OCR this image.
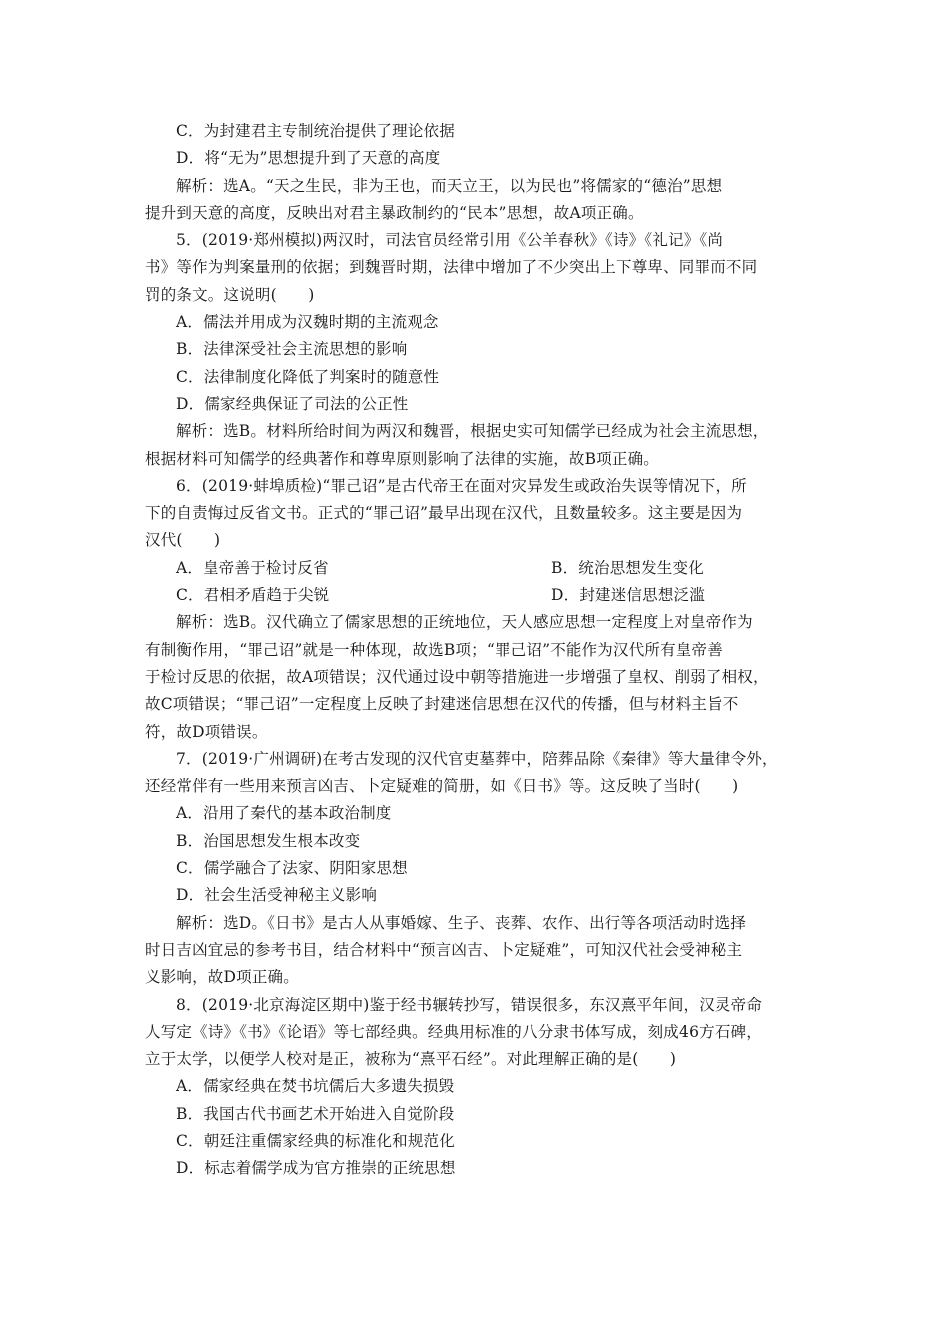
C．为封建君主专制统治提供了理论依据
D．将“无为”思想提升到了天意的高度
解析：选A。“天之生民，非为王也，而天立王，以为民也”将儒家的“德治”思想
提升到天意的高度，反映出对君主暴政制约的“民本”思想，故A项正确。
5．(2019·郑州模拟)两汉时，司法官员经常引用《公羊春秋》《诗》《礼记》《尚
书》等作为判案量刑的依据；到魏晋时期，法律中增加了不少突出上下尊卑、同罪而不同
罚的条文。这说明(　　)
A．儒法并用成为汉魏时期的主流观念
B．法律深受社会主流思想的影响
C．法律制度化降低了判案时的随意性
D．儒家经典保证了司法的公正性
解析：选B。材料所给时间为两汉和魏晋，根据史实可知儒学已经成为社会主流思想，
根据材料可知儒学的经典著作和尊卑原则影响了法律的实施，故B项正确。
6．(2019·蚌埠质检)“罪己诏”是古代帝王在面对灾异发生或政治失误等情况下，所
下的自责悔过反省文书。正式的“罪己诏”最早出现在汉代，且数量较多。这主要是因为
汉代(　　)
A．皇帝善于检讨反省	B．统治思想发生变化
C．君相矛盾趋于尖锐	D．封建迷信思想泛滥
解析：选B。汉代确立了儒家思想的正统地位，天人感应思想一定程度上对皇帝作为
有制衡作用，“罪己诏”就是一种体现，故选B项；“罪己诏”不能作为汉代所有皇帝善
于检讨反思的依据，故A项错误；汉代通过设中朝等措施进一步增强了皇权、削弱了相权，
故C项错误；“罪己诏”一定程度上反映了封建迷信思想在汉代的传播，但与材料主旨不
符，故D项错误。
7．(2019·广州调研)在考古发现的汉代官吏墓葬中，陪葬品除《秦律》等大量律令外，
还经常伴有一些用来预言凶吉、卜定疑难的简册，如《日书》等。这反映了当时(　　)
A．沿用了秦代的基本政治制度
B．治国思想发生根本改变
C．儒学融合了法家、阴阳家思想
D．社会生活受神秘主义影响
解析：选D。《日书》是古人从事婚嫁、生子、丧葬、农作、出行等各项活动时选择
时日吉凶宜忌的参考书目，结合材料中“预言凶吉、卜定疑难”，可知汉代社会受神秘主
义影响，故D项正确。
8．(2019·北京海淀区期中)鉴于经书辗转抄写，错误很多，东汉熹平年间，汉灵帝命
人写定《诗》《书》《论语》等七部经典。经典用标准的八分隶书体写成，刻成46方石碑，
立于太学，以便学人校对是正，被称为“熹平石经”。对此理解正确的是(　　)
A．儒家经典在焚书坑儒后大多遗失损毁
B．我国古代书画艺术开始进入自觉阶段
C．朝廷注重儒家经典的标准化和规范化
D．标志着儒学成为官方推崇的正统思想
